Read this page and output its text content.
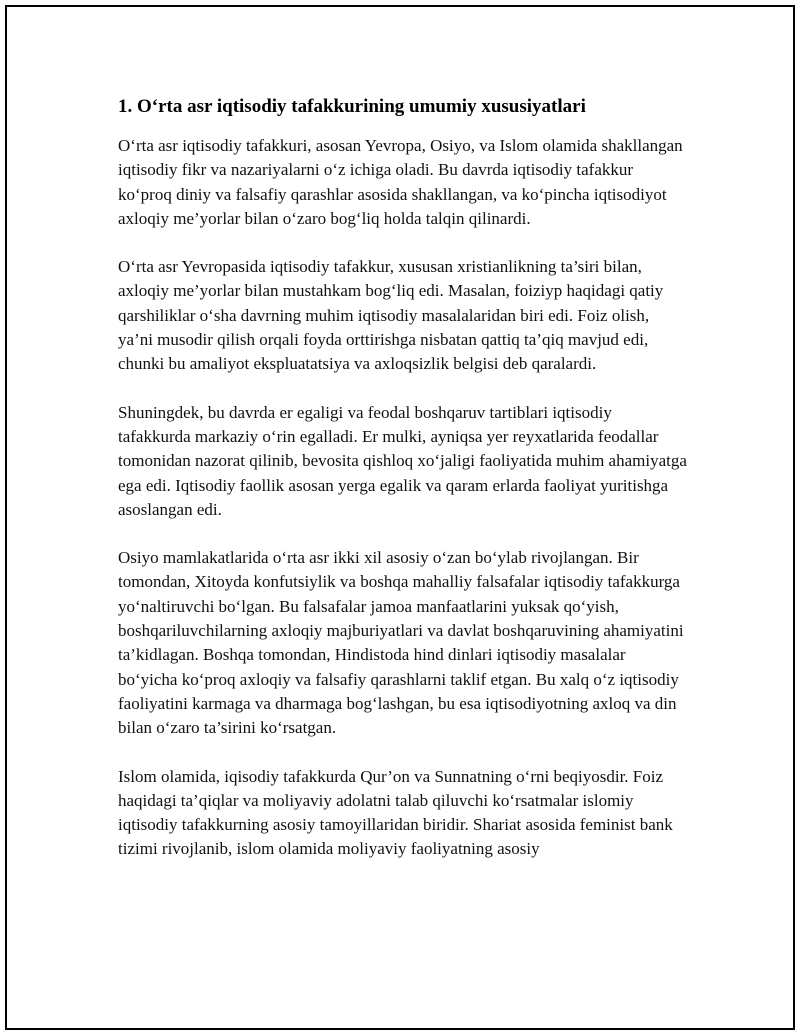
1. O‘rta asr iqtisodiy tafakkurining umumiy xususiyatlari

O‘rta asr iqtisodiy tafakkuri, asosan Yevropa, Osiyo, va Islom olamida shakllangan iqtisodiy fikr va nazariyalarni o‘z ichiga oladi. Bu davrda iqtisodiy tafakkur ko‘proq diniy va falsafiy qarashlar asosida shakllangan, va ko‘pincha iqtisodiyot axloqiy me’yorlar bilan o‘zaro bog‘liq holda talqin qilinardi.

O‘rta asr Yevropasida iqtisodiy tafakkur, xususan xristianlikning ta’siri bilan, axloqiy me’yorlar bilan mustahkam bog‘liq edi. Masalan, foiziyp haqidagi qatiy qarshiliklar o‘sha davrning muhim iqtisodiy masalalaridan biri edi. Foiz olish, ya’ni musodir qilish orqali foyda orttirishga nisbatan qattiq ta’qiq mavjud edi, chunki bu amaliyot ekspluatatsiya va axloqsizlik belgisi deb qaralardi.

Shuningdek, bu davrda er egaligi va feodal boshqaruv tartiblari iqtisodiy tafakkurda markaziy o‘rin egalladi. Er mulki, ayniqsa yer reyxatlarida feodallar tomonidan nazorat qilinib, bevosita qishloq xo‘jaligi faoliyatida muhim ahamiyatga ega edi. Iqtisodiy faollik asosan yerga egalik va qaram erlarda faoliyat yuritishga asoslangan edi.

Osiyo mamlakatlarida o‘rta asr ikki xil asosiy o‘zan bo‘ylab rivojlangan. Bir tomondan, Xitoyda konfutsiylik va boshqa mahalliy falsafalar iqtisodiy tafakkurga yo‘naltiruvchi bo‘lgan. Bu falsafalar jamoa manfaatlarini yuksak qo‘yish, boshqariluvchilarning axloqiy majburiyatlari va davlat boshqaruvining ahamiyatini ta’kidlagan. Boshqa tomondan, Hindistoda hind dinlari iqtisodiy masalalar bo‘yicha ko‘proq axloqiy va falsafiy qarashlarni taklif etgan. Bu xalq o‘z iqtisodiy faoliyatini karmaga va dharmaga bog‘lashgan, bu esa iqtisodiyotning axloq va din bilan o‘zaro ta’sirini ko‘rsatgan.

Islom olamida, iqisodiy tafakkurda Qur’on va Sunnatning o‘rni beqiyosdir. Foiz haqidagi ta’qiqlar va moliyaviy adolatni talab qiluvchi ko‘rsatmalar islomiy iqtisodiy tafakkurning asosiy tamoyillaridan biridir. Shariat asosida feminist bank tizimi rivojlanib, islom olamida moliyaviy faoliyatning asosiy
